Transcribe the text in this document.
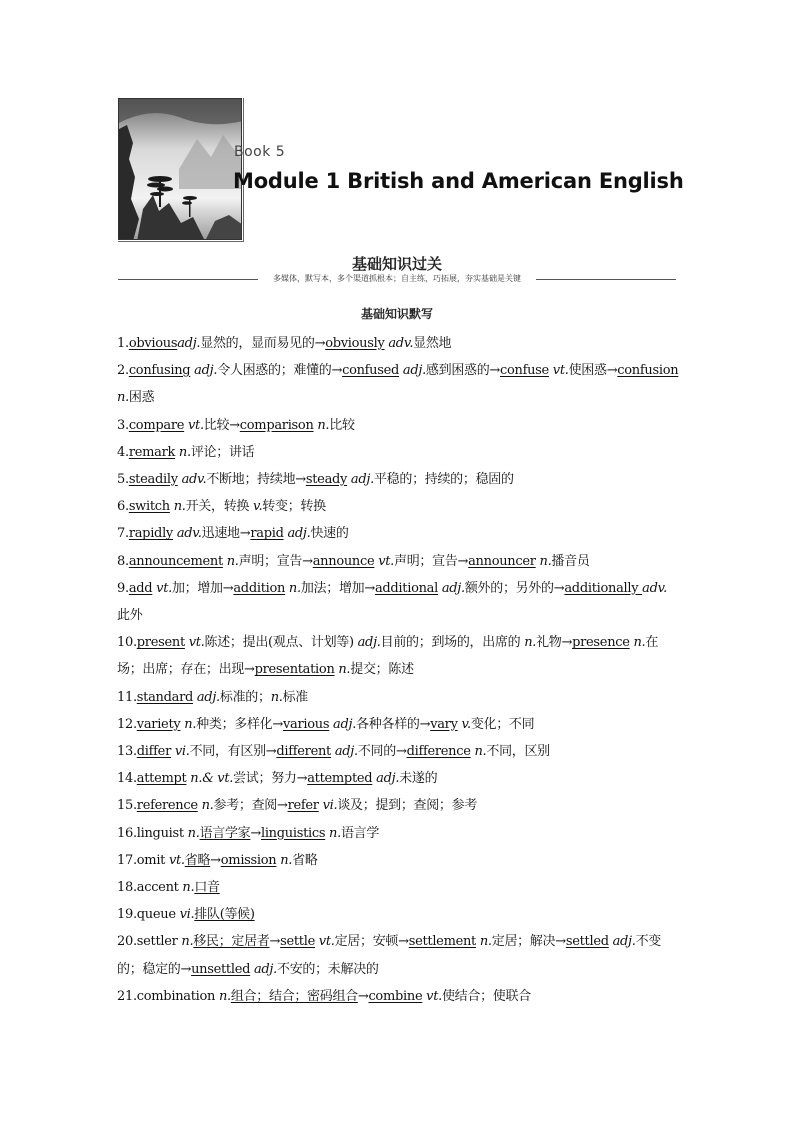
Book 5
Module 1 British and American English
基础知识过关
多媒体，默写本，多个渠道抓根本；自主练，巧拓展，夯实基础是关键
基础知识默写
1.obviousadj.显然的，显而易见的→obviously adv.显然地
2.confusing adj.令人困惑的；难懂的→confused adj.感到困惑的→confuse vt.使困惑→confusion n.困惑
3.compare vt.比较→comparison n.比较
4.remark n.评论；讲话
5.steadily adv.不断地；持续地→steady adj.平稳的；持续的；稳固的
6.switch n.开关，转换 v.转变；转换
7.rapidly adv.迅速地→rapid adj.快速的
8.announcement n.声明；宣告→announce vt.声明；宣告→announcer n.播音员
9.add vt.加；增加→addition n.加法；增加→additional adj.额外的；另外的→additionally adv.此外
10.present vt.陈述；提出(观点、计划等) adj.目前的；到场的，出席的 n.礼物→presence n.在场；出席；存在；出现→presentation n.提交；陈述
11.standard adj.标准的；n.标准
12.variety n.种类；多样化→various adj.各种各样的→vary v.变化；不同
13.differ vi.不同，有区别→different adj.不同的→difference n.不同，区别
14.attempt n.& vt.尝试；努力→attempted adj.未遂的
15.reference n.参考；查阅→refer vi.谈及；提到；查阅；参考
16.linguist n.语言学家→linguistics n.语言学
17.omit vt.省略→omission n.省略
18.accent n.口音
19.queue vi.排队(等候)
20.settler n.移民；定居者→settle vt.定居；安顿→settlement n.定居；解决→settled adj.不变的；稳定的→unsettled adj.不安的；未解决的
21.combination n.组合；结合；密码组合→combine vt.使结合；使联合
